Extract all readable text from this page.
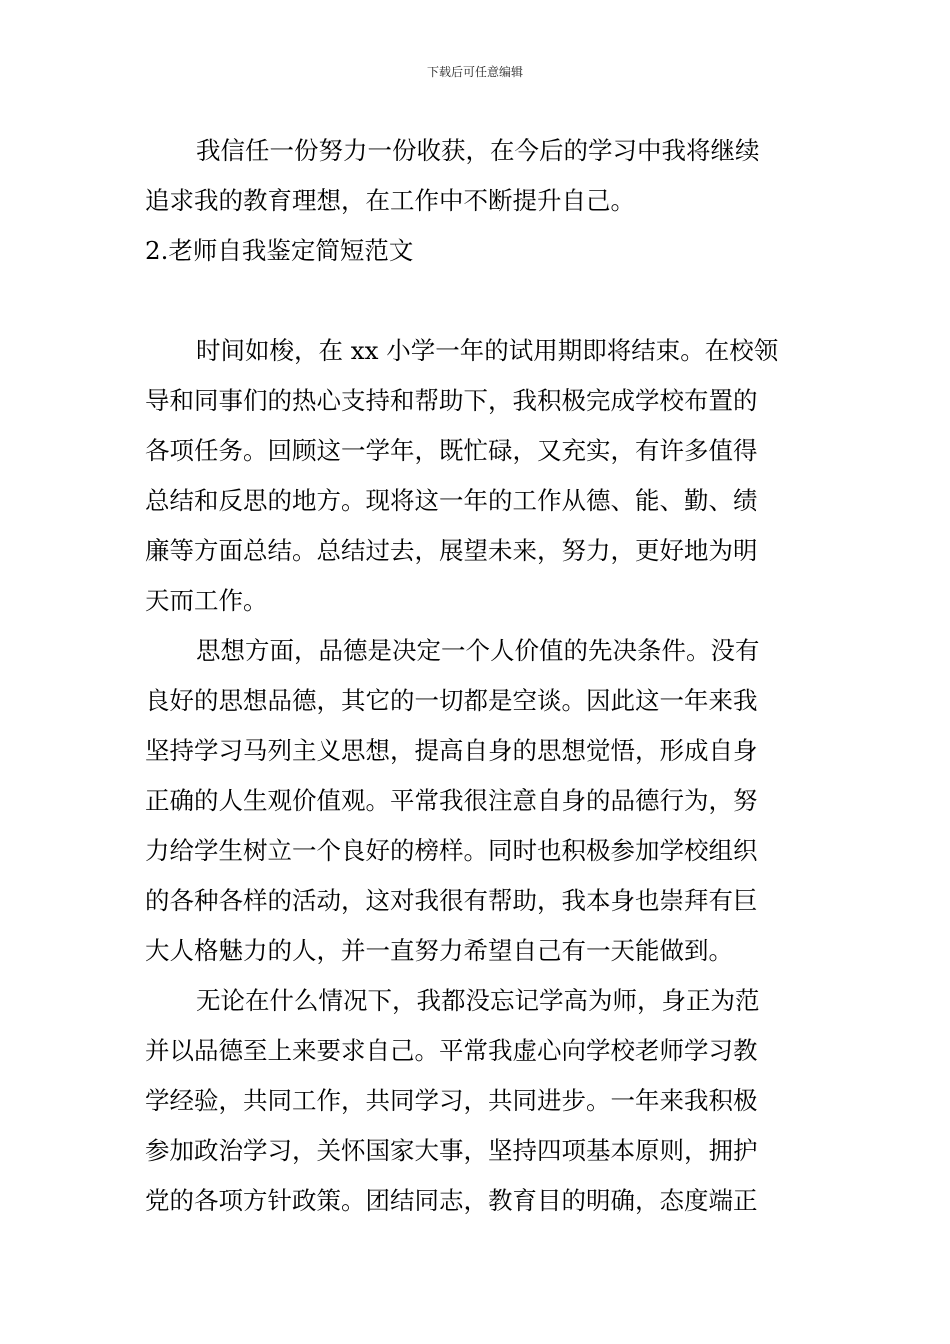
下载后可任意编辑
我信任一份努力一份收获，在今后的学习中我将继续
追求我的教育理想，在工作中不断提升自己。
2.老师自我鉴定简短范文
时间如梭，在 xx 小学一年的试用期即将结束。在校领
导和同事们的热心支持和帮助下，我积极完成学校布置的
各项任务。回顾这一学年，既忙碌，又充实，有许多值得
总结和反思的地方。现将这一年的工作从德、能、勤、绩
廉等方面总结。总结过去，展望未来，努力，更好地为明
天而工作。
思想方面，品德是决定一个人价值的先决条件。没有
良好的思想品德，其它的一切都是空谈。因此这一年来我
坚持学习马列主义思想，提高自身的思想觉悟，形成自身
正确的人生观价值观。平常我很注意自身的品德行为，努
力给学生树立一个良好的榜样。同时也积极参加学校组织
的各种各样的活动，这对我很有帮助，我本身也崇拜有巨
大人格魅力的人，并一直努力希望自己有一天能做到。
无论在什么情况下，我都没忘记学高为师，身正为范
并以品德至上来要求自己。平常我虚心向学校老师学习教
学经验，共同工作，共同学习，共同进步。一年来我积极
参加政治学习，关怀国家大事，坚持四项基本原则，拥护
党的各项方针政策。团结同志，教育目的明确，态度端正
